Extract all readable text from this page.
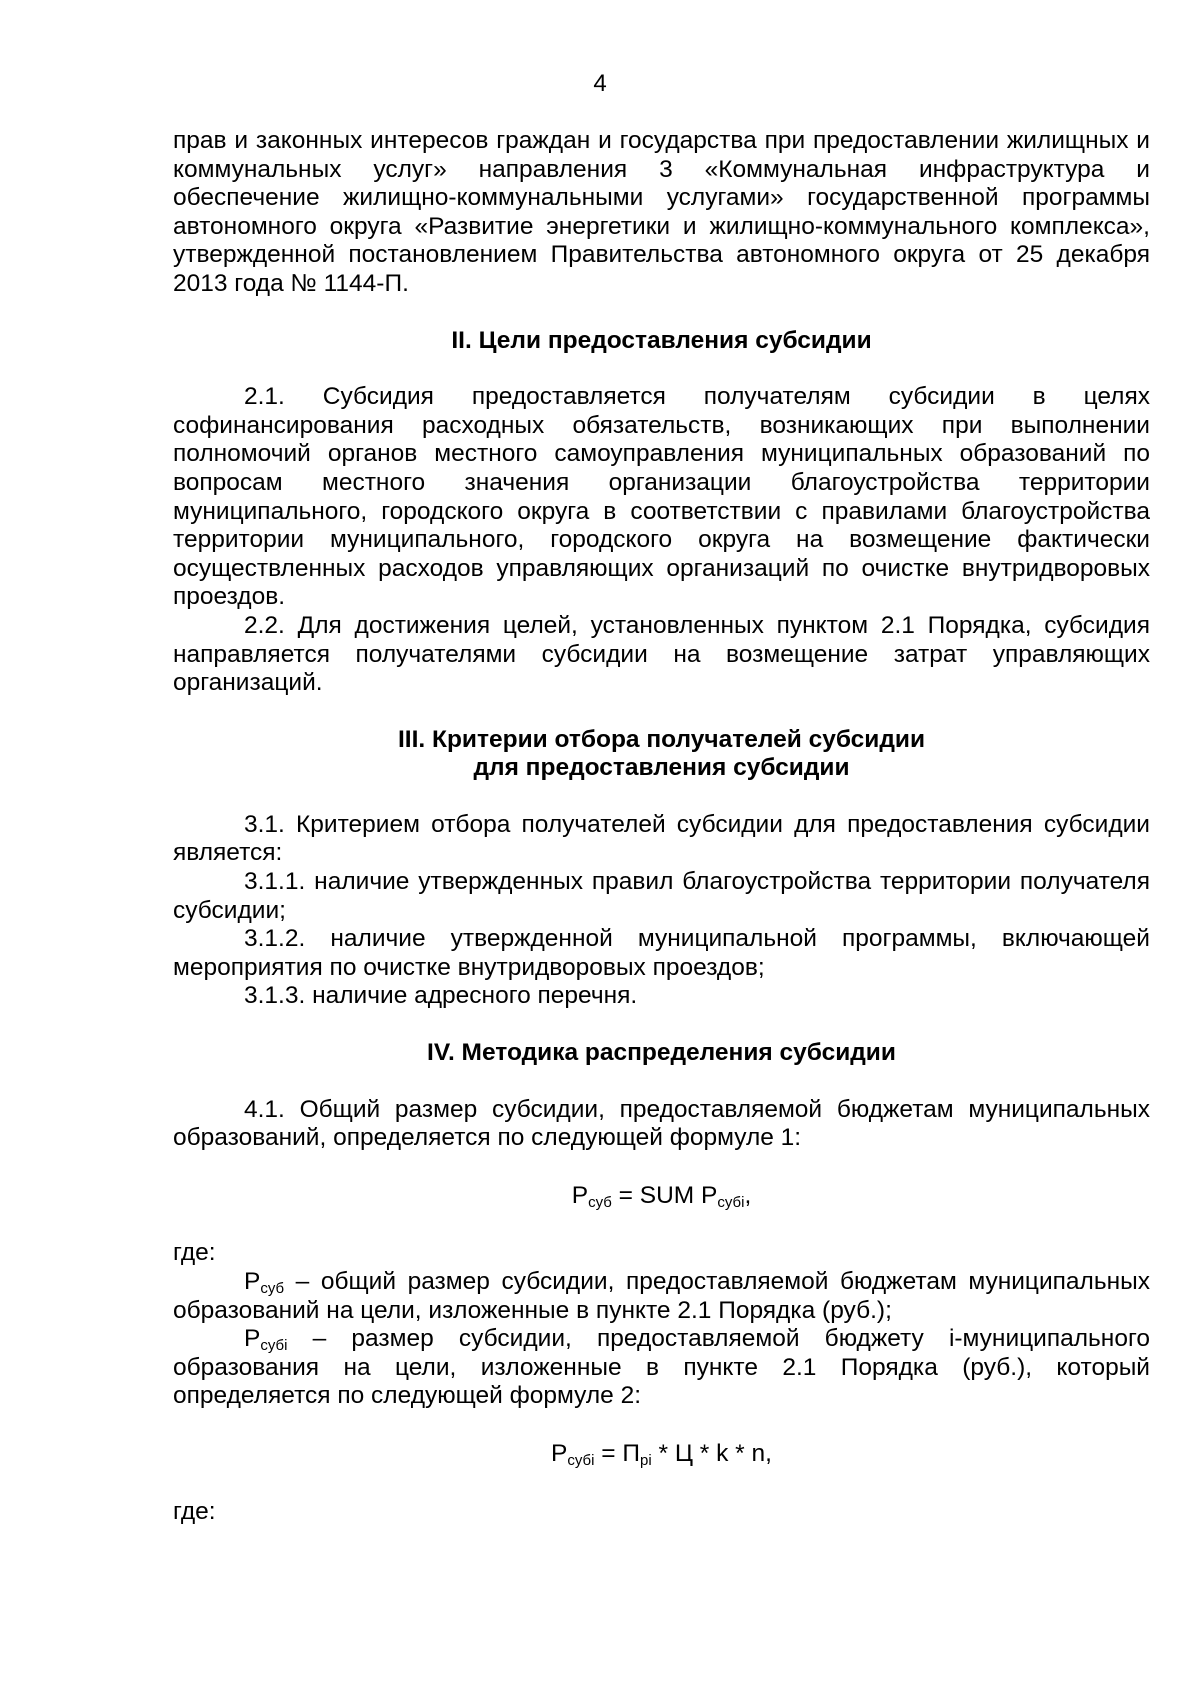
4

прав и законных интересов граждан и государства при предоставлении жилищных и коммунальных услуг» направления 3 «Коммунальная инфраструктура и обеспечение жилищно-коммунальными услугами» государственной программы автономного округа «Развитие энергетики и жилищно-коммунального комплекса», утвержденной постановлением Правительства автономного округа от 25 декабря 2013 года № 1144-П.

II. Цели предоставления субсидии

2.1. Субсидия предоставляется получателям субсидии в целях софинансирования расходных обязательств, возникающих при выполнении полномочий органов местного самоуправления муниципальных образований по вопросам местного значения организации благоустройства территории муниципального, городского округа в соответствии с правилами благоустройства территории муниципального, городского округа на возмещение фактически осуществленных расходов управляющих организаций по очистке внутридворовых проездов.

2.2. Для достижения целей, установленных пунктом 2.1 Порядка, субсидия направляется получателями субсидии на возмещение затрат управляющих организаций.

III. Критерии отбора получателей субсидии
для предоставления субсидии

3.1. Критерием отбора получателей субсидии для предоставления субсидии является:

3.1.1. наличие утвержденных правил благоустройства территории получателя субсидии;

3.1.2. наличие утвержденной муниципальной программы, включающей мероприятия по очистке внутридворовых проездов;

3.1.3. наличие адресного перечня.

IV. Методика распределения субсидии

4.1. Общий размер субсидии, предоставляемой бюджетам муниципальных образований, определяется по следующей формуле 1:

$P_{суб}$ = SUM $P_{субi}$,

где:

$P_{суб}$ – общий размер субсидии, предоставляемой бюджетам муниципальных образований на цели, изложенные в пункте 2.1 Порядка (руб.);

$P_{субi}$ – размер субсидии, предоставляемой бюджету i-муниципального образования на цели, изложенные в пункте 2.1 Порядка (руб.), который определяется по следующей формуле 2:

$P_{субi} = П_{pi} * Ц * k * n$,

где:
